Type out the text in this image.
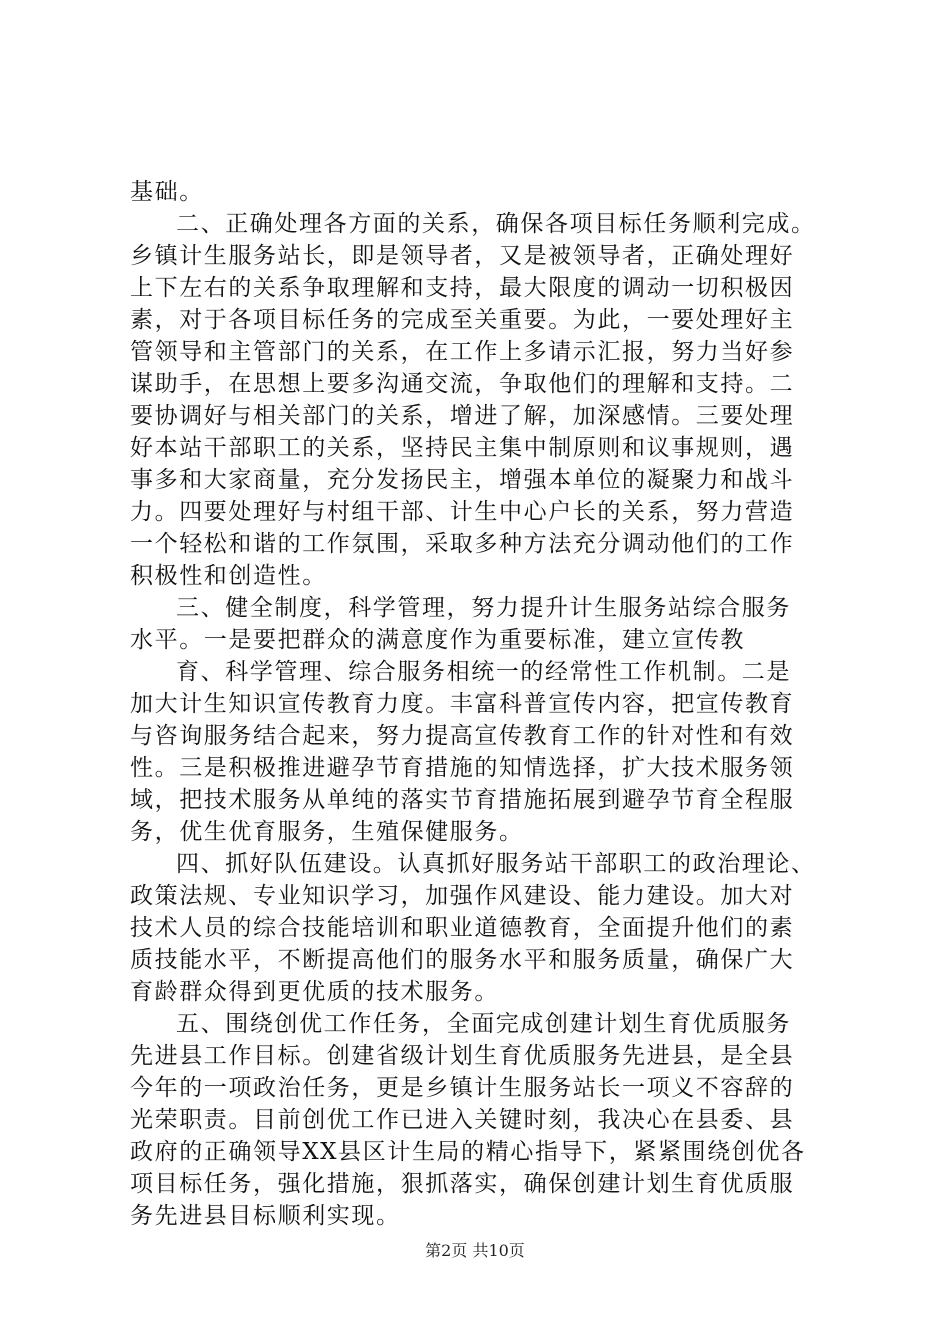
基础。
二、正确处理各方面的关系，确保各项目标任务顺利完成。
乡镇计生服务站长，即是领导者，又是被领导者，正确处理好
上下左右的关系争取理解和支持，最大限度的调动一切积极因
素，对于各项目标任务的完成至关重要。为此，一要处理好主
管领导和主管部门的关系，在工作上多请示汇报，努力当好参
谋助手，在思想上要多沟通交流，争取他们的理解和支持。二
要协调好与相关部门的关系，增进了解，加深感情。三要处理
好本站干部职工的关系，坚持民主集中制原则和议事规则，遇
事多和大家商量，充分发扬民主，增强本单位的凝聚力和战斗
力。四要处理好与村组干部、计生中心户长的关系，努力营造
一个轻松和谐的工作氛围，采取多种方法充分调动他们的工作
积极性和创造性。
三、健全制度，科学管理，努力提升计生服务站综合服务
水平。一是要把群众的满意度作为重要标准，建立宣传教
育、科学管理、综合服务相统一的经常性工作机制。二是
加大计生知识宣传教育力度。丰富科普宣传内容，把宣传教育
与咨询服务结合起来，努力提高宣传教育工作的针对性和有效
性。三是积极推进避孕节育措施的知情选择，扩大技术服务领
域，把技术服务从单纯的落实节育措施拓展到避孕节育全程服
务，优生优育服务，生殖保健服务。
四、抓好队伍建设。认真抓好服务站干部职工的政治理论、
政策法规、专业知识学习，加强作风建设、能力建设。加大对
技术人员的综合技能培训和职业道德教育，全面提升他们的素
质技能水平，不断提高他们的服务水平和服务质量，确保广大
育龄群众得到更优质的技术服务。
五、围绕创优工作任务，全面完成创建计划生育优质服务
先进县工作目标。创建省级计划生育优质服务先进县，是全县
今年的一项政治任务，更是乡镇计生服务站长一项义不容辞的
光荣职责。目前创优工作已进入关键时刻，我决心在县委、县
政府的正确领导XX县区计生局的精心指导下，紧紧围绕创优各
项目标任务，强化措施，狠抓落实，确保创建计划生育优质服
务先进县目标顺利实现。
第2页 共10页
